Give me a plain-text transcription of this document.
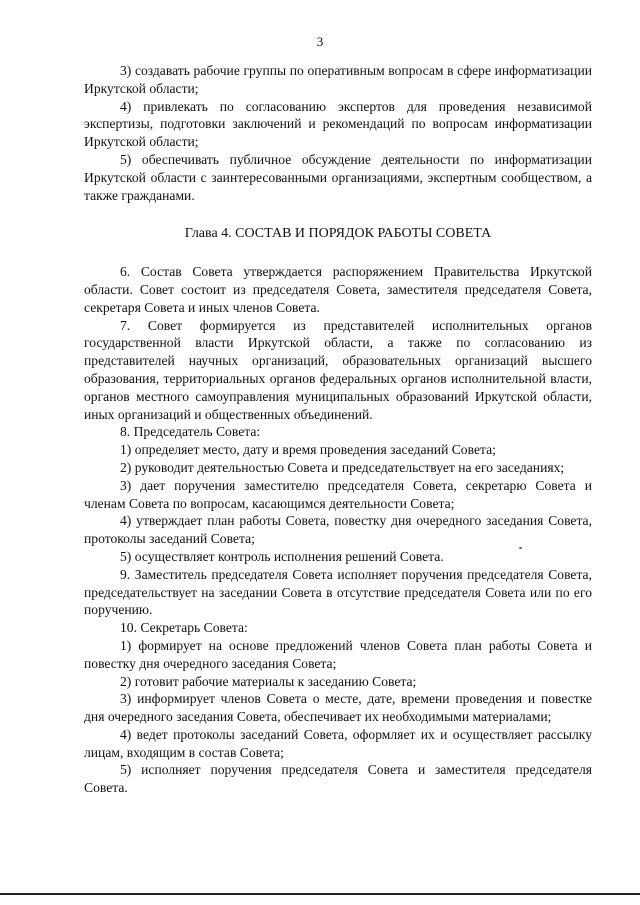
3

3) создавать рабочие группы по оперативным вопросам в сфере информатизации Иркутской области;

4) привлекать по согласованию экспертов для проведения независимой экспертизы, подготовки заключений и рекомендаций по вопросам информатизации Иркутской области;

5) обеспечивать публичное обсуждение деятельности по информатизации Иркутской области с заинтересованными организациями, экспертным сообществом, а также гражданами.

Глава 4. СОСТАВ И ПОРЯДОК РАБОТЫ СОВЕТА

6. Состав Совета утверждается распоряжением Правительства Иркутской области. Совет состоит из председателя Совета, заместителя председателя Совета, секретаря Совета и иных членов Совета.

7. Совет формируется из представителей исполнительных органов государственной власти Иркутской области, а также по согласованию из представителей научных организаций, образовательных организаций высшего образования, территориальных органов федеральных органов исполнительной власти, органов местного самоуправления муниципальных образований Иркутской области, иных организаций и общественных объединений.

8. Председатель Совета:

1) определяет место, дату и время проведения заседаний Совета;

2) руководит деятельностью Совета и председательствует на его заседаниях;

3) дает поручения заместителю председателя Совета, секретарю Совета и членам Совета по вопросам, касающимся деятельности Совета;

4) утверждает план работы Совета, повестку дня очередного заседания Совета, протоколы заседаний Совета;

5) осуществляет контроль исполнения решений Совета.

9. Заместитель председателя Совета исполняет поручения председателя Совета, председательствует на заседании Совета в отсутствие председателя Совета или по его поручению.

10. Секретарь Совета:

1) формирует на основе предложений членов Совета план работы Совета и повестку дня очередного заседания Совета;

2) готовит рабочие материалы к заседанию Совета;

3) информирует членов Совета о месте, дате, времени проведения и повестке дня очередного заседания Совета, обеспечивает их необходимыми материалами;

4) ведет протоколы заседаний Совета, оформляет их и осуществляет рассылку лицам, входящим в состав Совета;

5) исполняет поручения председателя Совета и заместителя председателя Совета.
